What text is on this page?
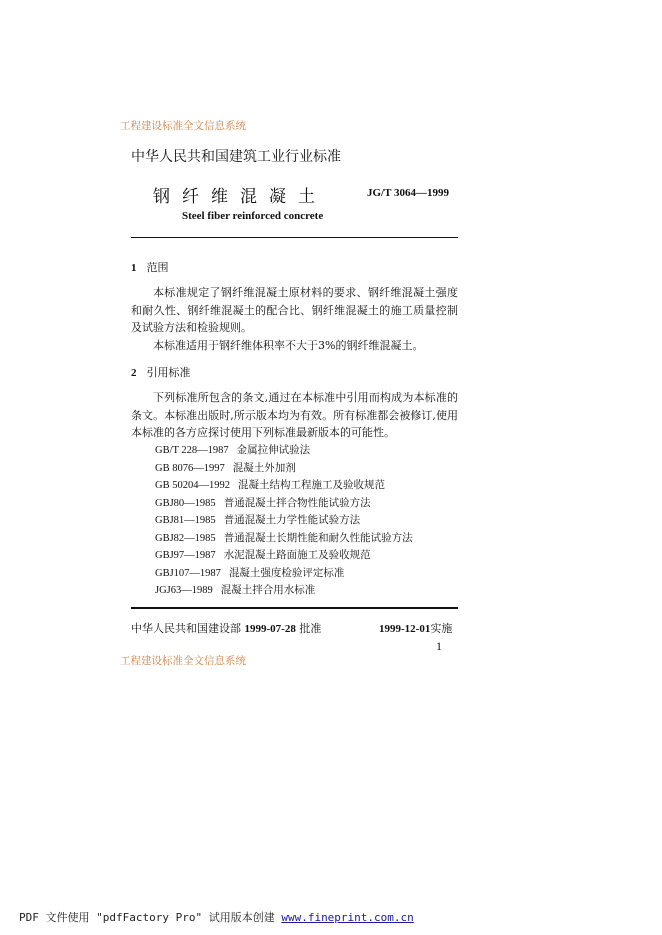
工程建设标准全文信息系统
中华人民共和国建筑工业行业标准
钢纤维混凝土	JG/T 3064—1999
Steel fiber reinforced concrete
1 范围

本标准规定了钢纤维混凝土原材料的要求、钢纤维混凝土强度和耐久性、钢纤维混凝土的配合比、钢纤维混凝土的施工质量控制及试验方法和检验规则。

本标准适用于钢纤维体积率不大于3%的钢纤维混凝土。

2 引用标准

下列标准所包含的条文,通过在本标准中引用而构成为本标准的条文。本标准出版时,所示版本均为有效。所有标准都会被修订,使用本标准的各方应探讨使用下列标准最新版本的可能性。

GB/T 228—1987 金属拉伸试验法
GB 8076—1997 混凝土外加剂
GB 50204—1992 混凝土结构工程施工及验收规范
GBJ80—1985 普通混凝土拌合物性能试验方法
GBJ81—1985 普通混凝土力学性能试验方法
GBJ82—1985 普通混凝土长期性能和耐久性能试验方法
GBJ97—1987 水泥混凝土路面施工及验收规范
GBJ107—1987 混凝土强度检验评定标准
JGJ63—1989 混凝土拌合用水标准
中华人民共和国建设部 1999-07-28 批准	1999-12-01实施
1
工程建设标准全文信息系统
PDF 文件使用 "pdfFactory Pro" 试用版本创建 www.fineprint.com.cn
